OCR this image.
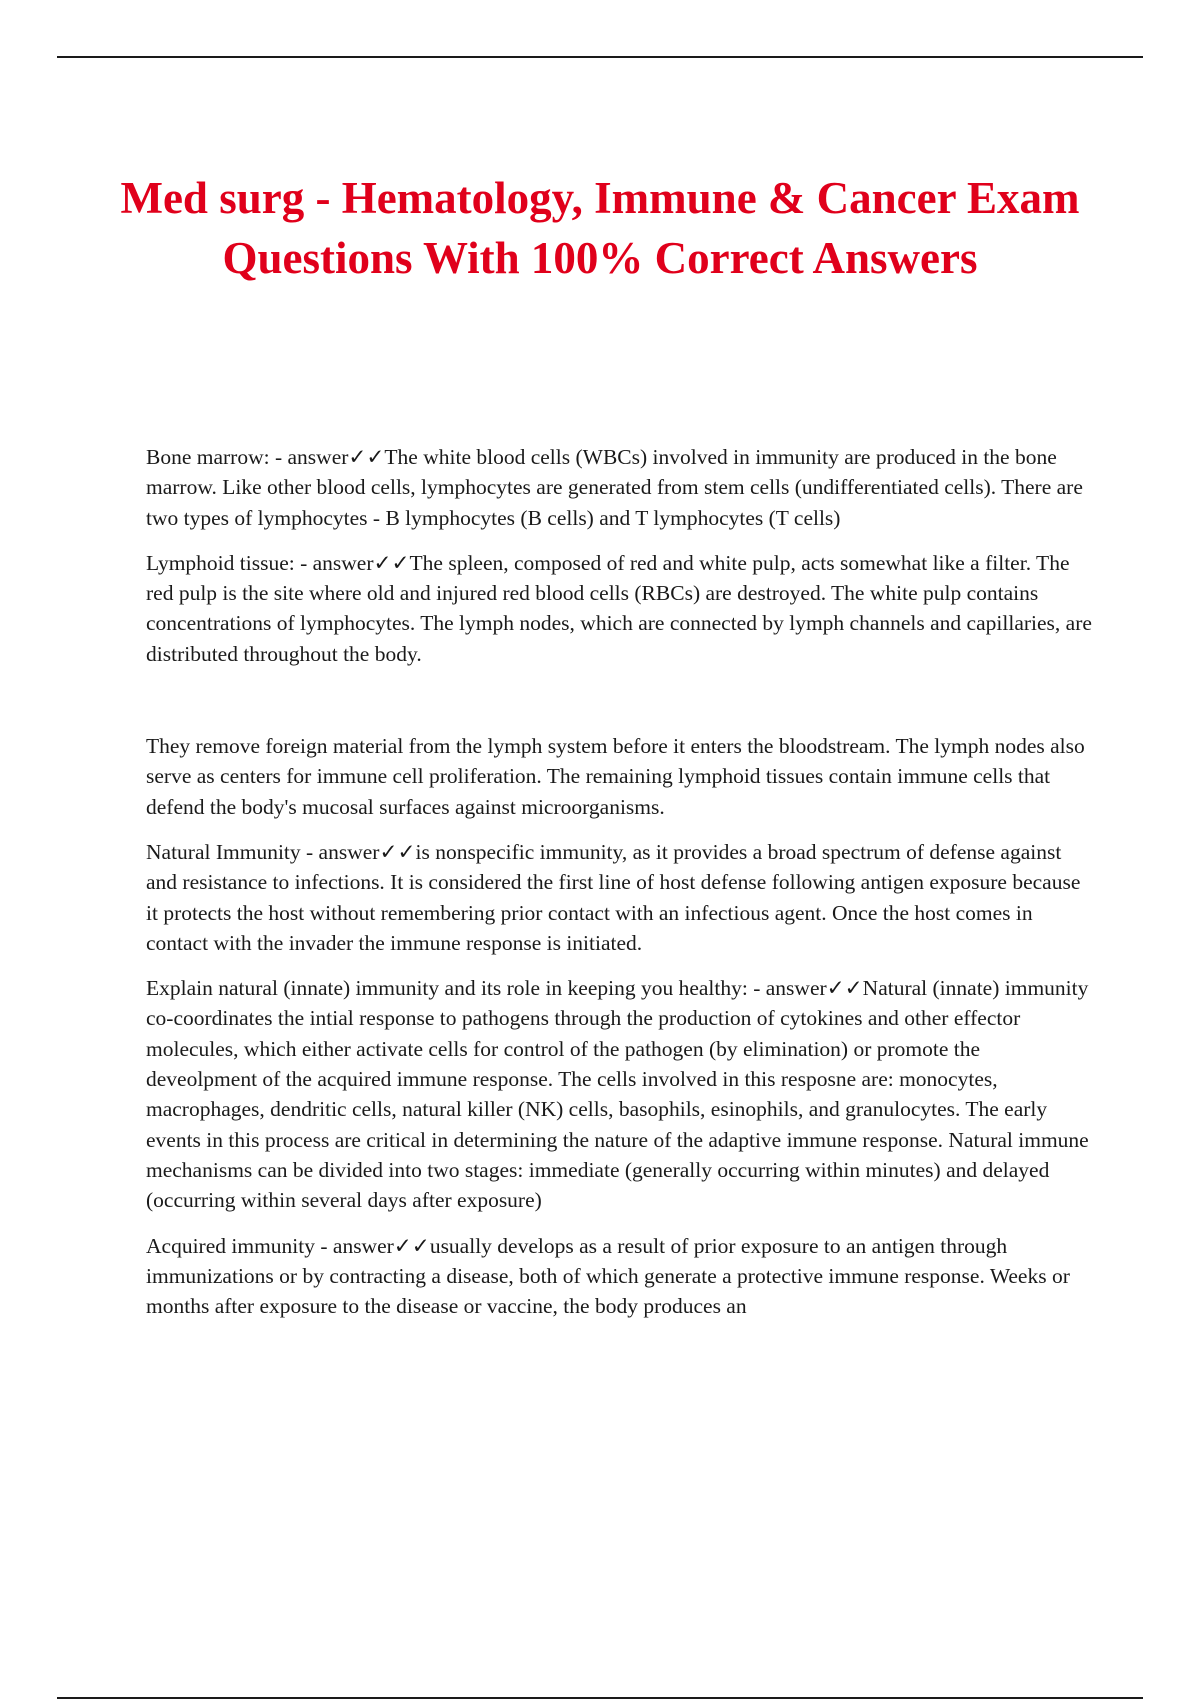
Med surg - Hematology, Immune & Cancer Exam Questions With 100% Correct Answers

Bone marrow: - answer✓✓The white blood cells (WBCs) involved in immunity are produced in the bone marrow. Like other blood cells, lymphocytes are generated from stem cells (undifferentiated cells). There are two types of lymphocytes - B lymphocytes (B cells) and T lymphocytes (T cells)

Lymphoid tissue: - answer✓✓The spleen, composed of red and white pulp, acts somewhat like a filter. The red pulp is the site where old and injured red blood cells (RBCs) are destroyed. The white pulp contains concentrations of lymphocytes. The lymph nodes, which are connected by lymph channels and capillaries, are distributed throughout the body.

They remove foreign material from the lymph system before it enters the bloodstream. The lymph nodes also serve as centers for immune cell proliferation. The remaining lymphoid tissues contain immune cells that defend the body's mucosal surfaces against microorganisms.

Natural Immunity - answer✓✓is nonspecific immunity, as it provides a broad spectrum of defense against and resistance to infections. It is considered the first line of host defense following antigen exposure because it protects the host without remembering prior contact with an infectious agent. Once the host comes in contact with the invader the immune response is initiated.

Explain natural (innate) immunity and its role in keeping you healthy: - answer✓✓Natural (innate) immunity co-coordinates the intial response to pathogens through the production of cytokines and other effector molecules, which either activate cells for control of the pathogen (by elimination) or promote the deveolpment of the acquired immune response. The cells involved in this resposne are: monocytes, macrophages, dendritic cells, natural killer (NK) cells, basophils, esinophils, and granulocytes. The early events in this process are critical in determining the nature of the adaptive immune response. Natural immune mechanisms can be divided into two stages: immediate (generally occurring within minutes) and delayed (occurring within several days after exposure)

Acquired immunity - answer✓✓usually develops as a result of prior exposure to an antigen through immunizations or by contracting a disease, both of which generate a protective immune response. Weeks or months after exposure to the disease or vaccine, the body produces an
